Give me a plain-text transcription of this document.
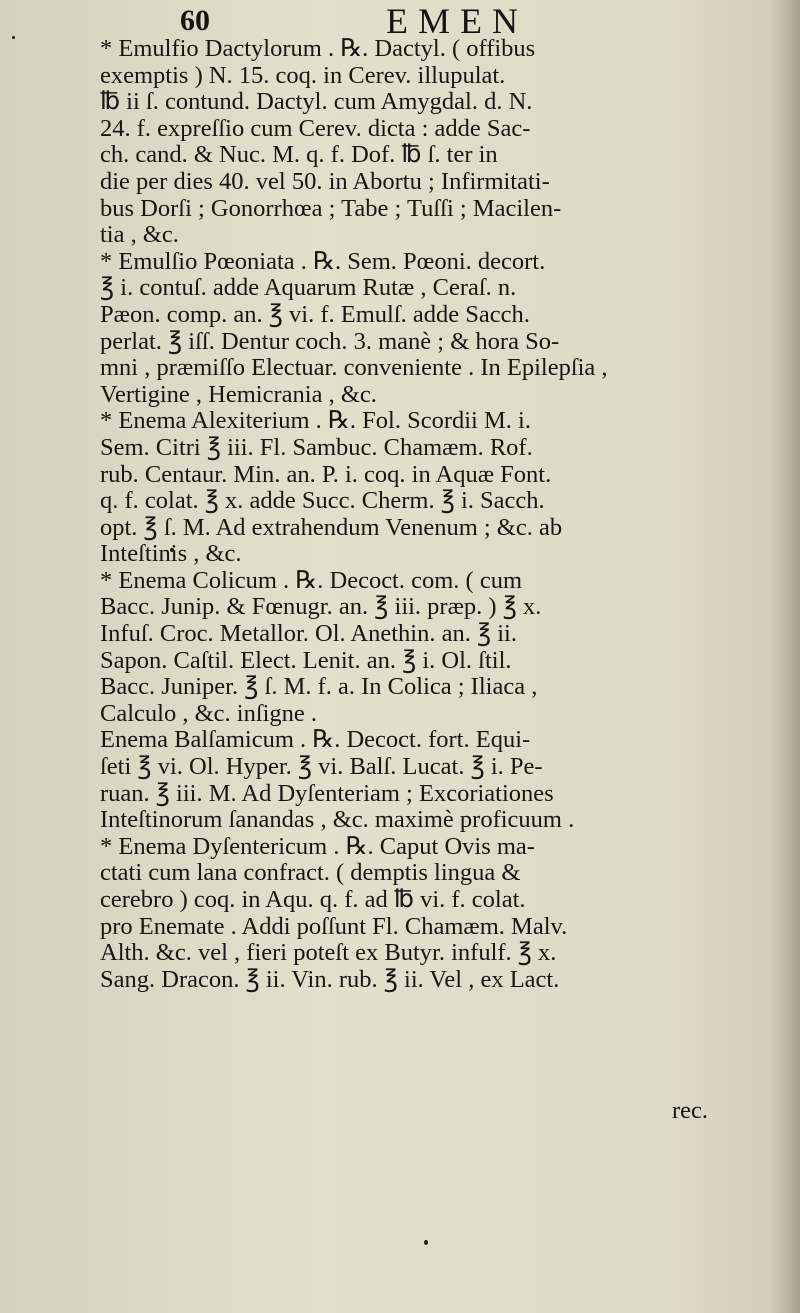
60	EMEN
* Emulfio Dactylorum . ℞. Dactyl. ( offibus
exemptis ) N. 15. coq. in Cerev. illupulat.
℔ ii ſ. contund. Dactyl. cum Amygdal. d. N.
24. f. expreſſio cum Cerev. dicta : adde Sac-
ch. cand. & Nuc. M. q. f. Dof. ℔ ſ. ter in
die per dies 40. vel 50. in Abortu ; Infirmitati-
bus Dorſi ; Gonorrhœa ; Tabe ; Tuſſi ; Macilen-
tia , &c.
* Emulſio Pœoniata . ℞. Sem. Pœoni. decort.
℥ i. contuſ. adde Aquarum Rutæ , Ceraſ. n.
Pæon. comp. an. ℥ vi. f. Emulſ. adde Sacch.
perlat. ℥ iſſ. Dentur coch. 3. manè ; & hora So-
mni , præmiſſo Electuar. conveniente . In Epilepſia ,
Vertigine , Hemicrania , &c.
* Enema Alexiterium . ℞. Fol. Scordii M. i.
Sem. Citri ℥ iii. Fl. Sambuc. Chamæm. Rof.
rub. Centaur. Min. an. P. i. coq. in Aquæ Font.
q. f. colat. ℥ x. adde Succ. Cherm. ℥ i. Sacch.
opt. ℥ ſ. M. Ad extrahendum Venenum ; &c. ab
Inteſtinis , &c.
* Enema Colicum . ℞. Decoct. com. ( cum
Bacc. Junip. & Fœnugr. an. ℥ iii. præp. ) ℥ x.
Infuſ. Croc. Metallor. Ol. Anethin. an. ℥ ii.
Sapon. Caſtil. Elect. Lenit. an. ℥ i. Ol. ſtil.
Bacc. Juniper. ℥ ſ. M. f. a. In Colica ; Iliaca ,
Calculo , &c. inſigne .
Enema Balſamicum . ℞. Decoct. fort. Equi-
ſeti ℥ vi. Ol. Hyper. ℥ vi. Balſ. Lucat. ℥ i. Pe-
ruan. ℥ iii. M. Ad Dyſenteriam ; Excoriationes
Inteſtinorum ſanandas , &c. maximè proficuum .
* Enema Dyſentericum . ℞. Caput Ovis ma-
ctati cum lana confract. ( demptis lingua &
cerebro ) coq. in Aqu. q. f. ad ℔ vi. f. colat.
pro Enemate . Addi poſſunt Fl. Chamæm. Malv.
Alth. &c. vel , fieri poteſt ex Butyr. infulf. ℥ x.
Sang. Dracon. ℥ ii. Vin. rub. ℥ ii. Vel , ex Lact.
rec.
